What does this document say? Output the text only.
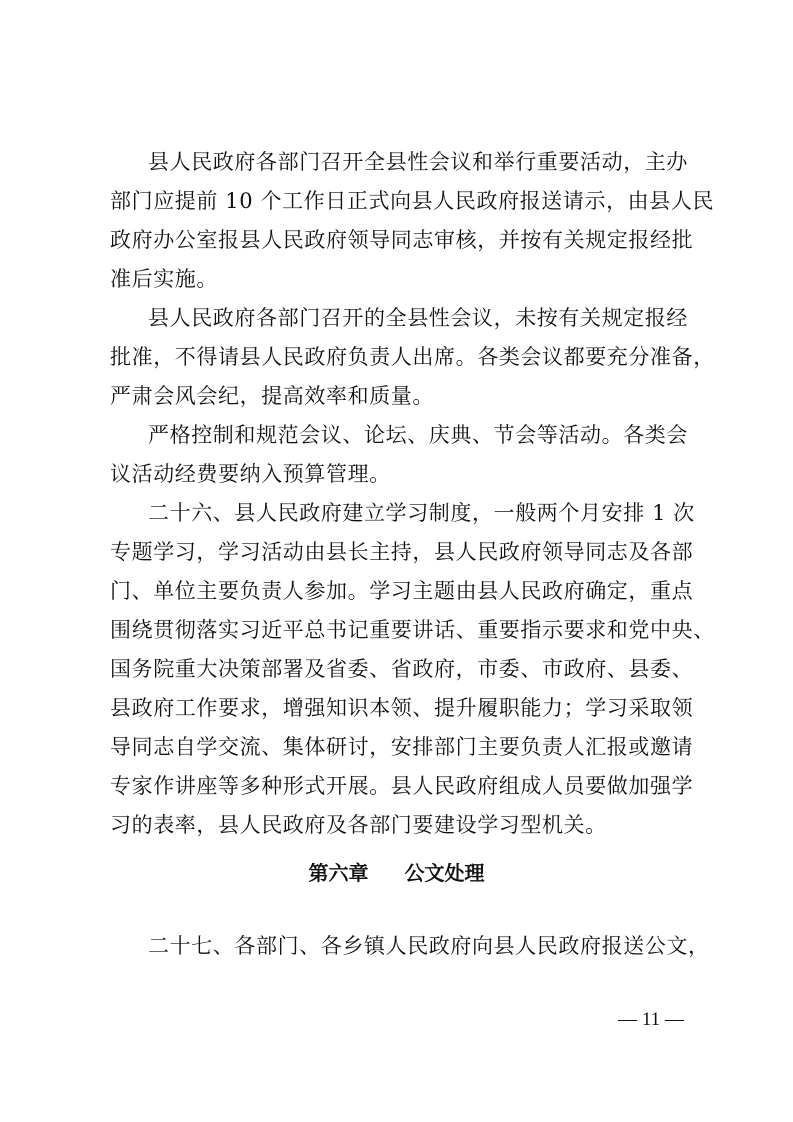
县人民政府各部门召开全县性会议和举行重要活动，主办

部门应提前 10 个工作日正式向县人民政府报送请示，由县人民

政府办公室报县人民政府领导同志审核，并按有关规定报经批

准后实施。

县人民政府各部门召开的全县性会议，未按有关规定报经

批准，不得请县人民政府负责人出席。各类会议都要充分准备，

严肃会风会纪，提高效率和质量。

严格控制和规范会议、论坛、庆典、节会等活动。各类会

议活动经费要纳入预算管理。

二十六、县人民政府建立学习制度，一般两个月安排 1 次

专题学习，学习活动由县长主持，县人民政府领导同志及各部

门、单位主要负责人参加。学习主题由县人民政府确定，重点

围绕贯彻落实习近平总书记重要讲话、重要指示要求和党中央、

国务院重大决策部署及省委、省政府，市委、市政府、县委、

县政府工作要求，增强知识本领、提升履职能力；学习采取领

导同志自学交流、集体研讨，安排部门主要负责人汇报或邀请

专家作讲座等多种形式开展。县人民政府组成人员要做加强学

习的表率，县人民政府及各部门要建设学习型机关。

第六章 公文处理

二十七、各部门、各乡镇人民政府向县人民政府报送公文，

— 11 —
